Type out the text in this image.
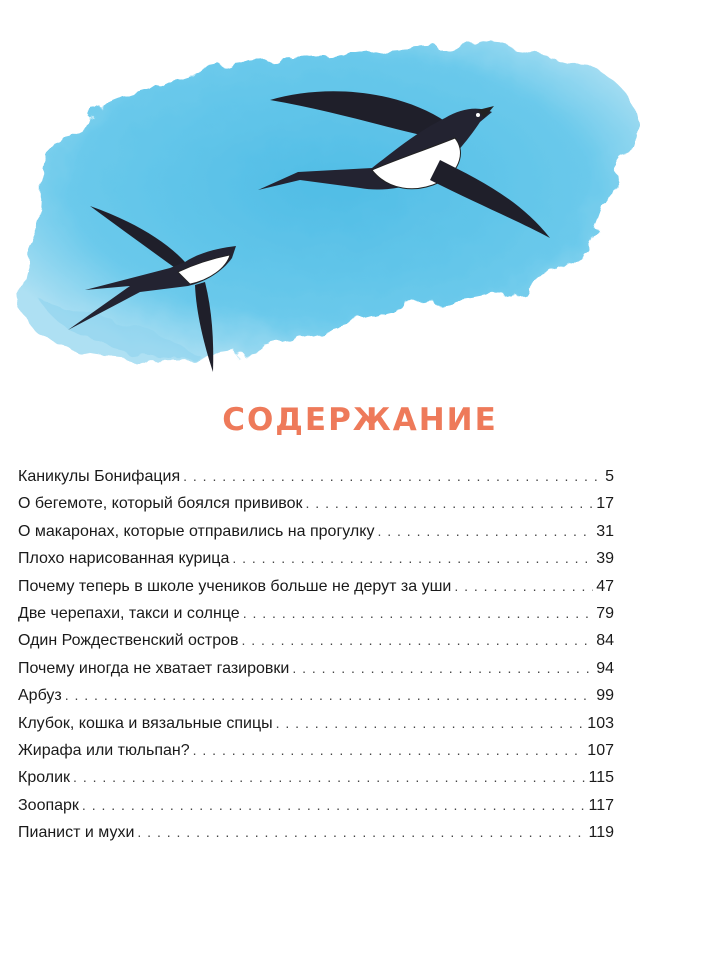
СОДЕРЖАНИЕ
Каникулы Бонифация . . .	5
О бегемоте, который боялся прививок . . .	17
О макаронах, которые отправились на прогулку . . .	31
Плохо нарисованная курица . . .	39
Почему теперь в школе учеников больше не дерут за уши . . .	47
Две черепахи, такси и солнце . . .	79
Один Рождественский остров . . .	84
Почему иногда не хватает газировки . . .	94
Арбуз . . .	99
Клубок, кошка и вязальные спицы . . .	103
Жирафа или тюльпан? . . .	107
Кролик . . .	115
Зоопарк . . .	117
Пианист и мухи . . .	119
